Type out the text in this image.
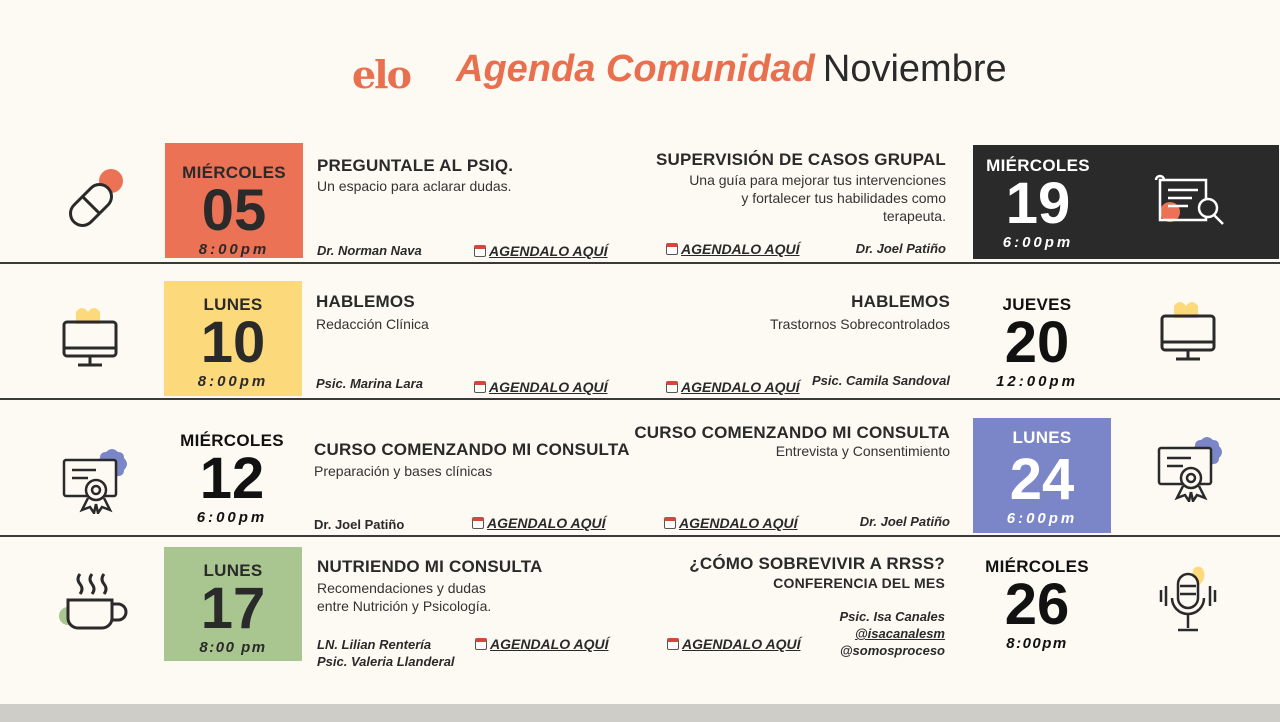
elo Agenda Comunidad Noviembre
MIÉRCOLES
05
8:00pm
PREGUNTALE AL PSIQ.
Un espacio para aclarar dudas.
Dr. Norman Nava	AGENDALO AQUÍ	AGENDALO AQUÍ
SUPERVISIÓN DE CASOS GRUPAL
Una guía para mejorar tus intervenciones
y fortalecer tus habilidades como
terapeuta.
Dr. Joel Patiño
MIÉRCOLES
19
6:00pm
LUNES
10
8:00pm
HABLEMOS
Redacción Clínica
Psic. Marina Lara	AGENDALO AQUÍ	AGENDALO AQUÍ
HABLEMOS
Trastornos Sobrecontrolados
Psic. Camila Sandoval
JUEVES
20
12:00pm
MIÉRCOLES
12
6:00pm
CURSO COMENZANDO MI CONSULTA
Preparación y bases clínicas
Dr. Joel Patiño	AGENDALO AQUÍ	AGENDALO AQUÍ
CURSO COMENZANDO MI CONSULTA
Entrevista y Consentimiento
Dr. Joel Patiño
LUNES
24
6:00pm
LUNES
17
8:00 pm
NUTRIENDO MI CONSULTA
Recomendaciones y dudas
entre Nutrición y Psicología.
LN. Lilian Rentería
Psic. Valeria Llanderal
AGENDALO AQUÍ	AGENDALO AQUÍ
¿CÓMO SOBREVIVIR A RRSS?
CONFERENCIA DEL MES
Psic. Isa Canales
@isacanalesm
@somosproceso
MIÉRCOLES
26
8:00pm
